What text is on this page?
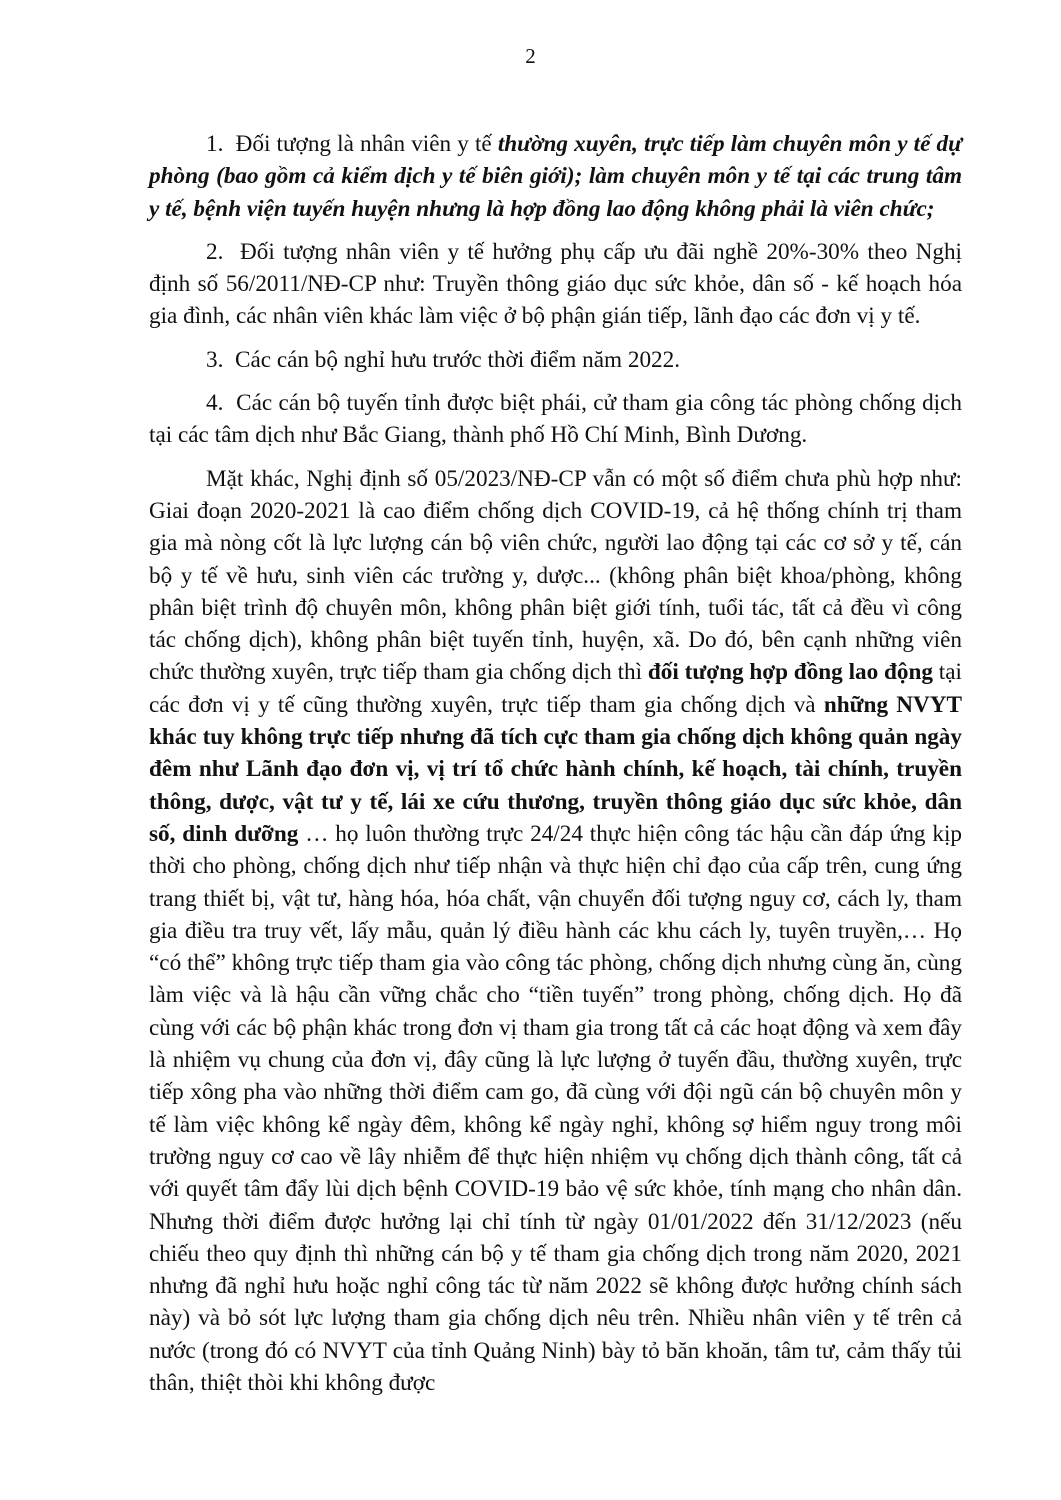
2

1.  Đối tượng là nhân viên y tế thường xuyên, trực tiếp làm chuyên môn y tế dự phòng (bao gồm cả kiểm dịch y tế biên giới); làm chuyên môn y tế tại các trung tâm y tế, bệnh viện tuyến huyện nhưng là hợp đồng lao động không phải là viên chức;

2.  Đối tượng nhân viên y tế hưởng phụ cấp ưu đãi nghề 20%-30% theo Nghị định số 56/2011/NĐ-CP như: Truyền thông giáo dục sức khỏe, dân số - kế hoạch hóa gia đình, các nhân viên khác làm việc ở bộ phận gián tiếp, lãnh đạo các đơn vị y tế.

3.  Các cán bộ nghỉ hưu trước thời điểm năm 2022.

4.  Các cán bộ tuyến tỉnh được biệt phái, cử tham gia công tác phòng chống dịch tại các tâm dịch như Bắc Giang, thành phố Hồ Chí Minh, Bình Dương.

Mặt khác, Nghị định số 05/2023/NĐ-CP vẫn có một số điểm chưa phù hợp như: Giai đoạn 2020-2021 là cao điểm chống dịch COVID-19, cả hệ thống chính trị tham gia mà nòng cốt là lực lượng cán bộ viên chức, người lao động tại các cơ sở y tế, cán bộ y tế về hưu, sinh viên các trường y, dược... (không phân biệt khoa/phòng, không phân biệt trình độ chuyên môn, không phân biệt giới tính, tuổi tác, tất cả đều vì công tác chống dịch), không phân biệt tuyến tỉnh, huyện, xã. Do đó, bên cạnh những viên chức thường xuyên, trực tiếp tham gia chống dịch thì đối tượng hợp đồng lao động tại các đơn vị y tế cũng thường xuyên, trực tiếp tham gia chống dịch và những NVYT khác tuy không trực tiếp nhưng đã tích cực tham gia chống dịch không quản ngày đêm như Lãnh đạo đơn vị, vị trí tổ chức hành chính, kế hoạch, tài chính, truyền thông, dược, vật tư y tế, lái xe cứu thương, truyền thông giáo dục sức khỏe, dân số, dinh dưỡng … họ luôn thường trực 24/24 thực hiện công tác hậu cần đáp ứng kịp thời cho phòng, chống dịch như tiếp nhận và thực hiện chỉ đạo của cấp trên, cung ứng trang thiết bị, vật tư, hàng hóa, hóa chất, vận chuyển đối tượng nguy cơ, cách ly, tham gia điều tra truy vết, lấy mẫu, quản lý điều hành các khu cách ly, tuyên truyền,… Họ “có thể” không trực tiếp tham gia vào công tác phòng, chống dịch nhưng cùng ăn, cùng làm việc và là hậu cần vững chắc cho “tiền tuyến” trong phòng, chống dịch. Họ đã cùng với các bộ phận khác trong đơn vị tham gia trong tất cả các hoạt động và xem đây là nhiệm vụ chung của đơn vị, đây cũng là lực lượng ở tuyến đầu, thường xuyên, trực tiếp xông pha vào những thời điểm cam go, đã cùng với đội ngũ cán bộ chuyên môn y tế làm việc không kể ngày đêm, không kể ngày nghỉ, không sợ hiểm nguy trong môi trường nguy cơ cao về lây nhiễm để thực hiện nhiệm vụ chống dịch thành công, tất cả với quyết tâm đẩy lùi dịch bệnh COVID-19 bảo vệ sức khỏe, tính mạng cho nhân dân. Nhưng thời điểm được hưởng lại chỉ tính từ ngày 01/01/2022 đến 31/12/2023 (nếu chiếu theo quy định thì những cán bộ y tế tham gia chống dịch trong năm 2020, 2021 nhưng đã nghỉ hưu hoặc nghỉ công tác từ năm 2022 sẽ không được hưởng chính sách này) và bỏ sót lực lượng tham gia chống dịch nêu trên. Nhiều nhân viên y tế trên cả nước (trong đó có NVYT của tỉnh Quảng Ninh) bày tỏ băn khoăn, tâm tư, cảm thấy tủi thân, thiệt thòi khi không được
